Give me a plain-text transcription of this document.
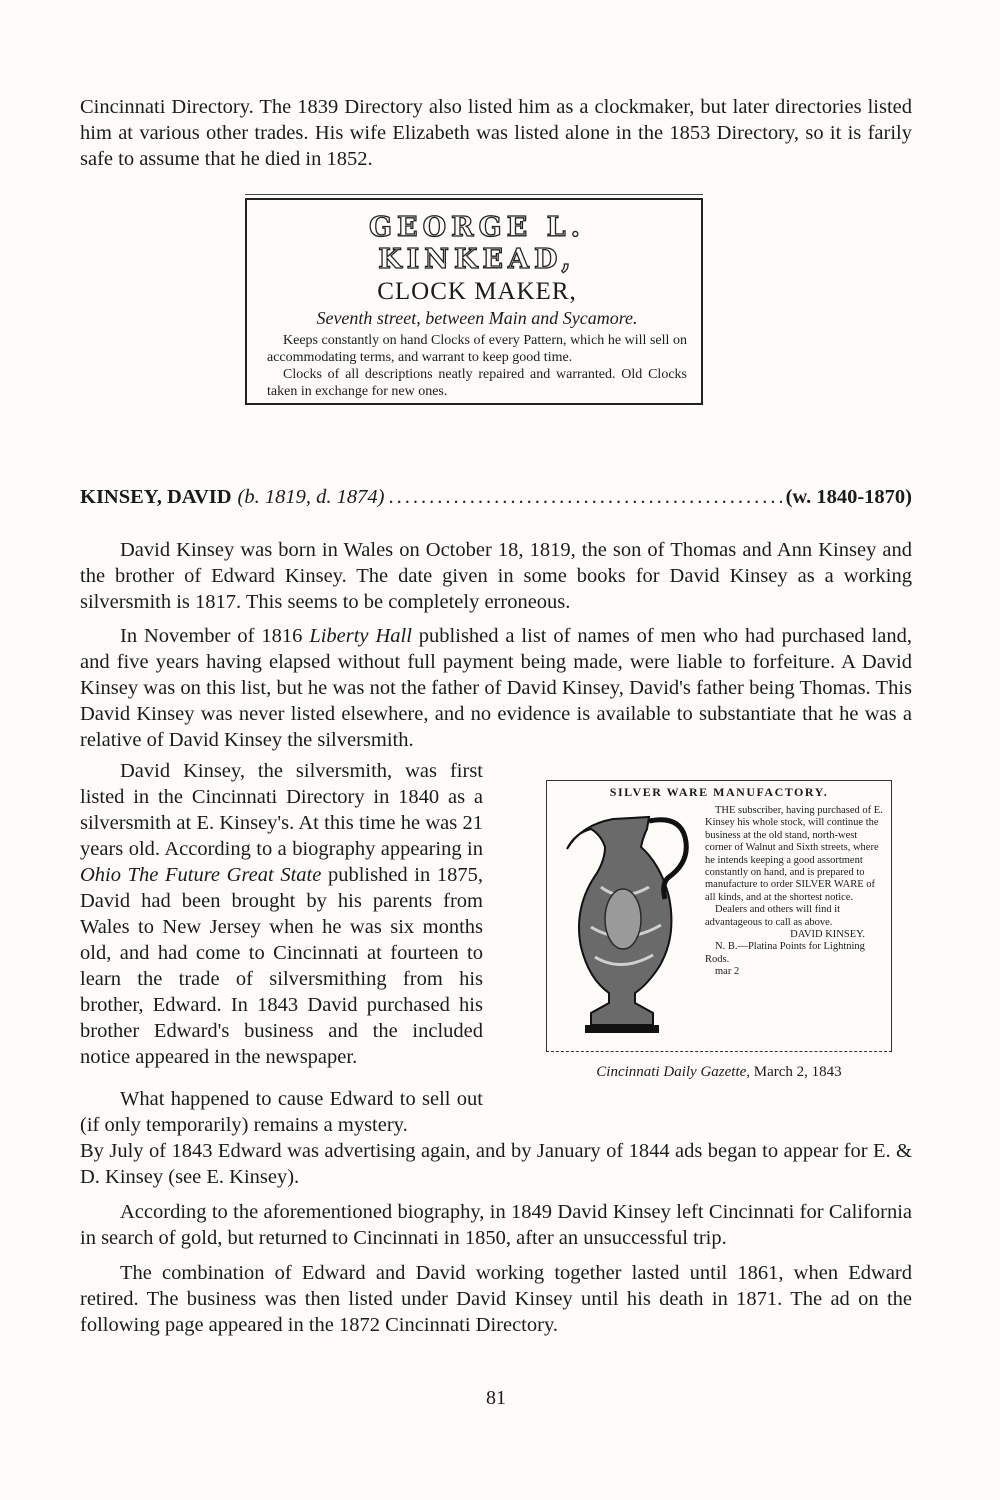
Cincinnati Directory. The 1839 Directory also listed him as a clockmaker, but later directories listed him at various other trades. His wife Elizabeth was listed alone in the 1853 Directory, so it is farily safe to assume that he died in 1852.

GEORGE L. KINKEAD,
CLOCK MAKER,
Seventh street, between Main and Sycamore.
Keeps constantly on hand Clocks of every Pattern, which he will sell on accommodating terms, and warrant to keep good time.
Clocks of all descriptions neatly repaired and warranted. Old Clocks taken in exchange for new ones.
KINSEY, DAVID (b. 1819, d. 1874)
.....	(w. 1840-1870)

David Kinsey was born in Wales on October 18, 1819, the son of Thomas and Ann Kinsey and the brother of Edward Kinsey. The date given in some books for David Kinsey as a working silversmith is 1817. This seems to be completely erroneous.

In November of 1816 Liberty Hall published a list of names of men who had purchased land, and five years having elapsed without full payment being made, were liable to forfeiture. A David Kinsey was on this list, but he was not the father of David Kinsey, David's father being Thomas. This David Kinsey was never listed elsewhere, and no evidence is available to substantiate that he was a relative of David Kinsey the silversmith.

David Kinsey, the silversmith, was first listed in the Cincinnati Directory in 1840 as a silversmith at E. Kinsey's. At this time he was 21 years old. According to a biography appearing in Ohio The Future Great State published in 1875, David had been brought by his parents from Wales to New Jersey when he was six months old, and had come to Cincinnati at fourteen to learn the trade of silversmithing from his brother, Edward. In 1843 David purchased his brother Edward's business and the included notice appeared in the newspaper.

SILVER WARE MANUFACTORY.
THE subscriber, having purchased of E. Kinsey his whole stock, will continue the business at the old stand, north-west corner of Walnut and Sixth streets, where he intends keeping a good assortment constantly on hand, and is prepared to manufacture to order SILVER WARE of all kinds, and at the shortest notice.
Dealers and others will find it advantageous to call as above.
DAVID KINSEY.
N. B.—Platina Points for Lightning Rods.
mar 2
Cincinnati Daily Gazette, March 2, 1843

What happened to cause Edward to sell out (if only temporarily) remains a mystery.

By July of 1843 Edward was advertising again, and by January of 1844 ads began to appear for E. & D. Kinsey (see E. Kinsey).

According to the aforementioned biography, in 1849 David Kinsey left Cincinnati for California in search of gold, but returned to Cincinnati in 1850, after an unsuccessful trip.

The combination of Edward and David working together lasted until 1861, when Edward retired. The business was then listed under David Kinsey until his death in 1871. The ad on the following page appeared in the 1872 Cincinnati Directory.

81
